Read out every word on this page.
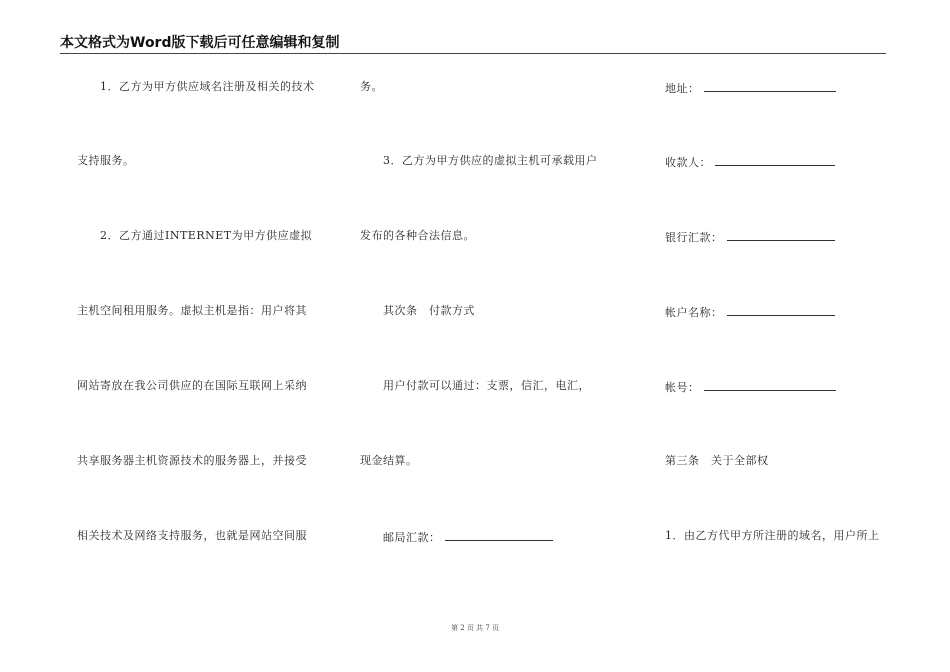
本文格式为Word版下载后可任意编辑和复制
1．乙方为甲方供应域名注册及相关的技术
支持服务。
2．乙方通过INTERNET为甲方供应虚拟
主机空间租用服务。虚拟主机是指：用户将其
网站寄放在我公司供应的在国际互联网上采纳
共享服务器主机资源技术的服务器上，并接受
相关技术及网络支持服务，也就是网站空间服
务。
3．乙方为甲方供应的虚拟主机可承载用户
发布的各种合法信息。
其次条　付款方式
用户付款可以通过：支票，信汇，电汇，
现金结算。
邮局汇款：
地址：
收款人：
银行汇款：
帐户名称：
帐号：
第三条　关于全部权
1．由乙方代甲方所注册的域名，用户所上
第 2 页 共 7 页
